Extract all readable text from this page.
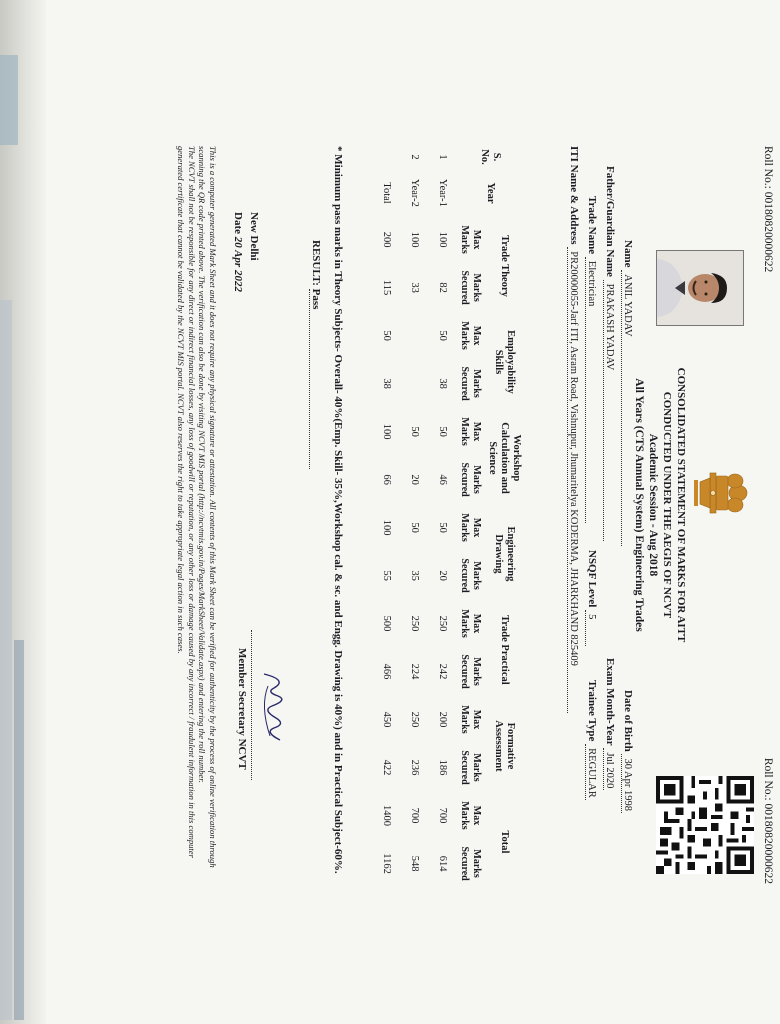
Roll No.: 00180820000622
Roll No.: 00180820000622
CONSOLIDATED STATEMENT OF MARKS FOR AITT CONDUCTED UNDER THE AEGIS OF NCVT
Academic Session - Aug 2018
All Years (CTS Annual System) Engineering Trades
Name ANIL YADAV
Father/Guardian Name PRAKASH YADAV
Trade Name Electrician
NSQF Level 5
ITI Name & Address PR20000055-Jarf ITI, Asram Road, Vishnupur, Jhumaritelya KODERMA, JHARKHAND 825409
Date of Birth 30 Apr 1998
Exam Month-Year Jul 2020
Trainee Type REGULAR
S. No.	Year	Trade Theory		Employability Skills		Workshop Calculation and Science		Engineering Drawing		Trade Practical		Formative Assessment		Total	
		Max Marks	Marks Secured	Max Marks	Marks Secured	Max Marks	Marks Secured	Max Marks	Marks Secured	Max Marks	Marks Secured	Max Marks	Marks Secured	Max Marks	Marks Secured
1	Year-1	100	82	50	38	50	46	50	20	250	242	200	186	700	614
2	Year-2	100	33			50	20	50	35	250	224	250	236	700	548
	Total	200	115	50	38	100	66	100	55	500	466	450	422	1400	1162
* Minimum pass marks in Theory Subjects- Overall- 40%(Emp. Skill- 35%,Workshop cal. & sc. and Engg. Drawing is 40%) and in Practical Subject-60%.
RESULT: Pass
New Delhi
Date 20 Apr 2022
Member Secretary NCVT
This is a computer generated Mark Sheet and it does not require any physical signature or attestation. All contents of this Mark Sheet can be verified for authenticity by the process of online verification through scanning the QR code printed above. The verification can also be done by visiting NCVT MIS portal (http://ncvtmis.gov.in/Pages/MarkSheet/Validate.aspx) and entering the roll number.
The NCVT shall not be responsible for any direct or indirect financial losses, any loss of goodwill or reputation, or any other loss or damage caused by any incorrect / fraudulent information in this computer generated certificate that cannot be validated by the NCVT MIS portal. NCVT also reserves the right to take appropriate legal action in such cases.
